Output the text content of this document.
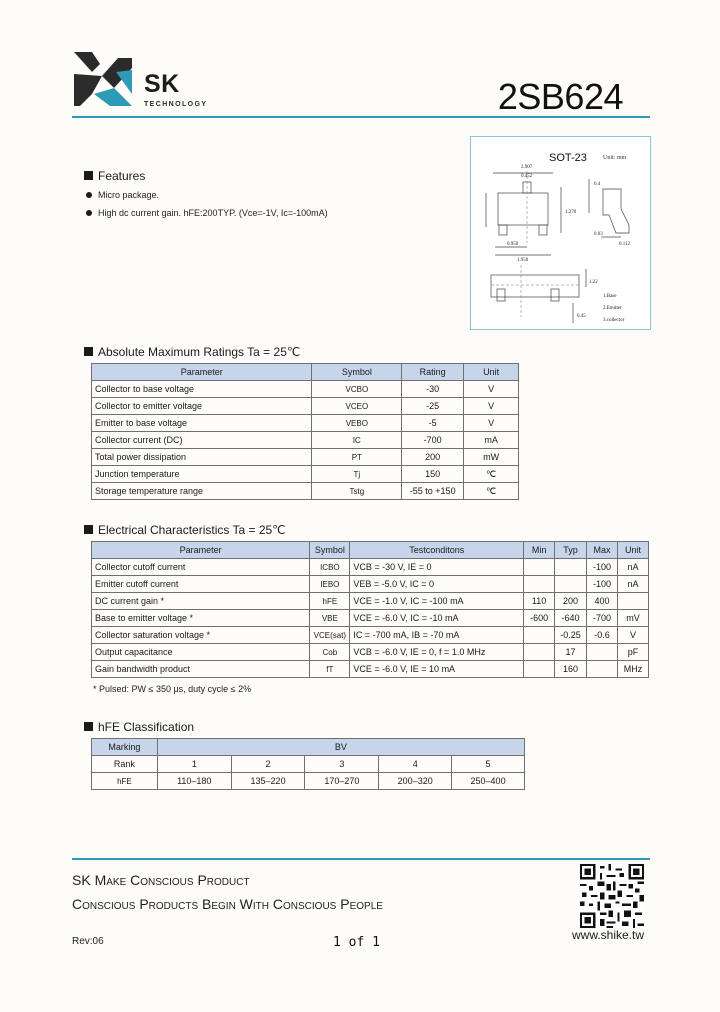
SK
TECHNOLOGY	2SB624
Features
Micro package.
High dc current gain. hFE:200TYP. (Vce=-1V, Ic=-100mA)
SOT-23	Unit: mm
2.907
0.452
0.950
1.950
1.270
0.112
0.4
0.03
0.45
1.22
1.Base
2.Emitter
3.collector
Absolute Maximum Ratings Ta = 25℃
Parameter	Symbol	Rating	Unit
Collector to base voltage	VCBO	-30	V
Collector to emitter voltage	VCEO	-25	V
Emitter to base voltage	VEBO	-5	V
Collector current (DC)	IC	-700	mA
Total power dissipation	PT	200	mW
Junction temperature	Tj	150	℃
Storage temperature range	Tstg	-55 to +150	℃
Electrical Characteristics Ta = 25℃
Parameter	Symbol	Testconditons	Min	Typ	Max	Unit
Collector cutoff current	ICBO	VCB = -30 V, IE = 0			-100	nA
Emitter cutoff current	IEBO	VEB = -5.0 V, IC = 0			-100	nA
DC current gain *	hFE	VCE = -1.0 V, IC = -100 mA	110	200	400	
Base to emitter voltage *	VBE	VCE = -6.0 V, IC = -10 mA	-600	-640	-700	mV
Collector saturation voltage *	VCE(sat)	IC = -700 mA, IB = -70 mA		-0.25	-0.6	V
Output capacitance	Cob	VCB = -6.0 V, IE = 0, f = 1.0 MHz		17		pF
Gain bandwidth product	fT	VCE = -6.0 V, IE = 10 mA		160		MHz
* Pulsed: PW ≤ 350 μs, duty cycle ≤ 2%
hFE Classification
Marking	BV				
Rank	1	2	3	4	5
hFE	110–180	135–220	170–270	200–320	250–400
SK Make Conscious Product
Conscious Products Begin With Conscious People
www.shike.tw
Rev:06	1 of 1
